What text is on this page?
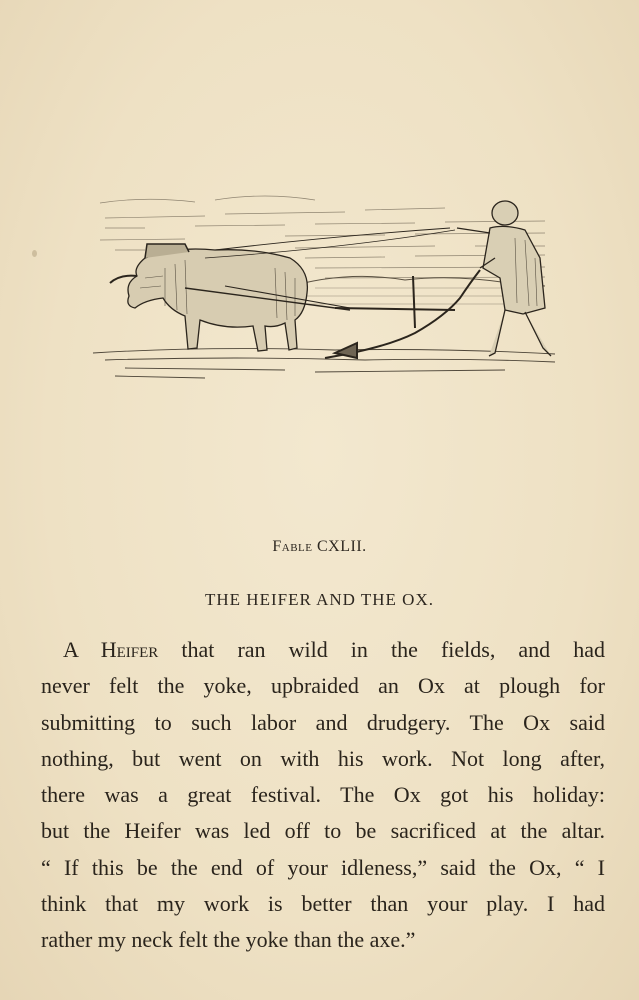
Fable CXLII.
THE HEIFER AND THE OX.
A Heifer that ran wild in the fields, and had
never felt the yoke, upbraided an Ox at plough for
submitting to such labor and drudgery. The Ox said
nothing, but went on with his work. Not long after,
there was a great festival. The Ox got his holiday:
but the Heifer was led off to be sacrificed at the altar.
“ If this be the end of your idleness,” said the Ox, “ I
think that my work is better than your play. I had
rather my neck felt the yoke than the axe.”
